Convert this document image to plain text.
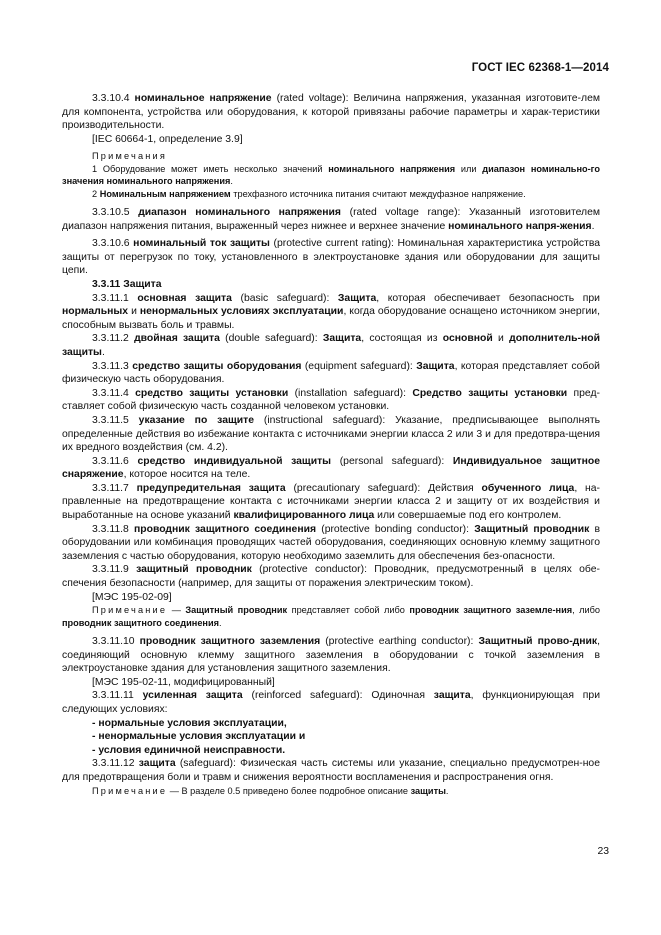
ГОСТ IEC 62368-1—2014

3.3.10.4 номинальное напряжение (rated voltage): Величина напряжения, указанная изготовите-лем для компонента, устройства или оборудования, к которой привязаны рабочие параметры и харак-теристики производительности.

[IEC 60664-1, определение 3.9]

Примечания

1 Оборудование может иметь несколько значений номинального напряжения или диапазон номинально-го значения номинального напряжения.

2 Номинальным напряжением трехфазного источника питания считают междуфазное напряжение.

3.3.10.5 диапазон номинального напряжения (rated voltage range): Указанный изготовителем диапазон напряжения питания, выраженный через нижнее и верхнее значение номинального напря-жения.

3.3.10.6 номинальный ток защиты (protective current rating): Номинальная характеристика устройства защиты от перегрузок по току, установленного в электроустановке здания или оборудовании для защиты цепи.

3.3.11 Защита

3.3.11.1 основная защита (basic safeguard): Защита, которая обеспечивает безопасность при нормальных и ненормальных условиях эксплуатации, когда оборудование оснащено источником энергии, способным вызвать боль и травмы.

3.3.11.2 двойная защита (double safeguard): Защита, состоящая из основной и дополнитель-ной защиты.

3.3.11.3 средство защиты оборудования (equipment safeguard): Защита, которая представляет собой физическую часть оборудования.

3.3.11.4 средство защиты установки (installation safeguard): Средство защиты установки пред-ставляет собой физическую часть созданной человеком установки.

3.3.11.5 указание по защите (instructional safeguard): Указание, предписывающее выполнять определенные действия во избежание контакта с источниками энергии класса 2 или 3 и для предотвра-щения их вредного воздействия (см. 4.2).

3.3.11.6 средство индивидуальной защиты (personal safeguard): Индивидуальное защитное снаряжение, которое носится на теле.

3.3.11.7 предупредительная защита (precautionary safeguard): Действия обученного лица, на-правленные на предотвращение контакта с источниками энергии класса 2 и защиту от их воздействия и выработанные на основе указаний квалифицированного лица или совершаемые под его контролем.

3.3.11.8 проводник защитного соединения (protective bonding conductor): Защитный проводник в оборудовании или комбинация проводящих частей оборудования, соединяющих основную клемму защитного заземления с частью оборудования, которую необходимо заземлить для обеспечения без-опасности.

3.3.11.9 защитный проводник (protective conductor): Проводник, предусмотренный в целях обе-спечения безопасности (например, для защиты от поражения электрическим током).

[МЭС 195-02-09]

Примечание — Защитный проводник представляет собой либо проводник защитного заземле-ния, либо проводник защитного соединения.

3.3.11.10 проводник защитного заземления (protective earthing conductor): Защитный прово-дник, соединяющий основную клемму защитного заземления в оборудовании с точкой заземления в электроустановке здания для установления защитного заземления.

[МЭС 195-02-11, модифицированный]

3.3.11.11 усиленная защита (reinforced safeguard): Одиночная защита, функционирующая при следующих условиях:

- нормальные условия эксплуатации,

- ненормальные условия эксплуатации и

- условия единичной неисправности.

3.3.11.12 защита (safeguard): Физическая часть системы или указание, специально предусмотрен-ное для предотвращения боли и травм и снижения вероятности воспламенения и распространения огня.

Примечание — В разделе 0.5 приведено более подробное описание защиты.

23
